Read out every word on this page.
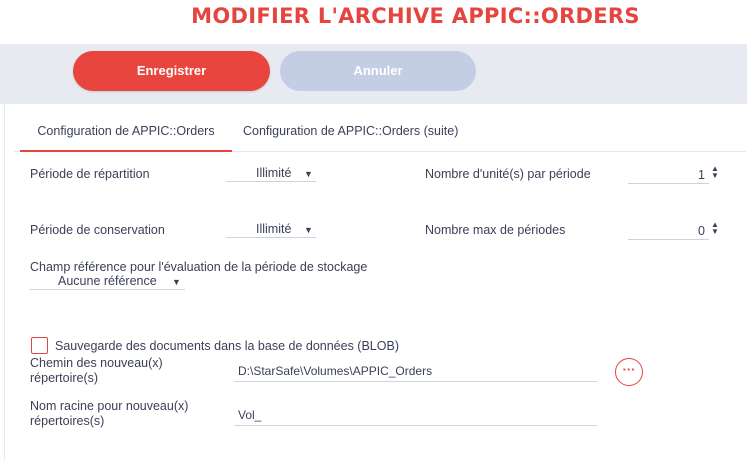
MODIFIER L'ARCHIVE APPIC::ORDERS
Enregistrer	Annuler
Configuration de APPIC::Orders	Configuration de APPIC::Orders (suite)
Période de répartition	Illimité ▼	Nombre d'unité(s) par période	1 ▲
▼
Période de conservation	Illimité ▼	Nombre max de périodes	0 ▲
▼
Champ référence pour l'évaluation de la période de stockage
Aucune référence ▼
Sauvegarde des documents dans la base de données (BLOB)
Chemin des nouveau(x) répertoire(s)	D:\StarSafe\Volumes\APPIC_Orders	···
Nom racine pour nouveau(x) répertoires(s)	Vol_
